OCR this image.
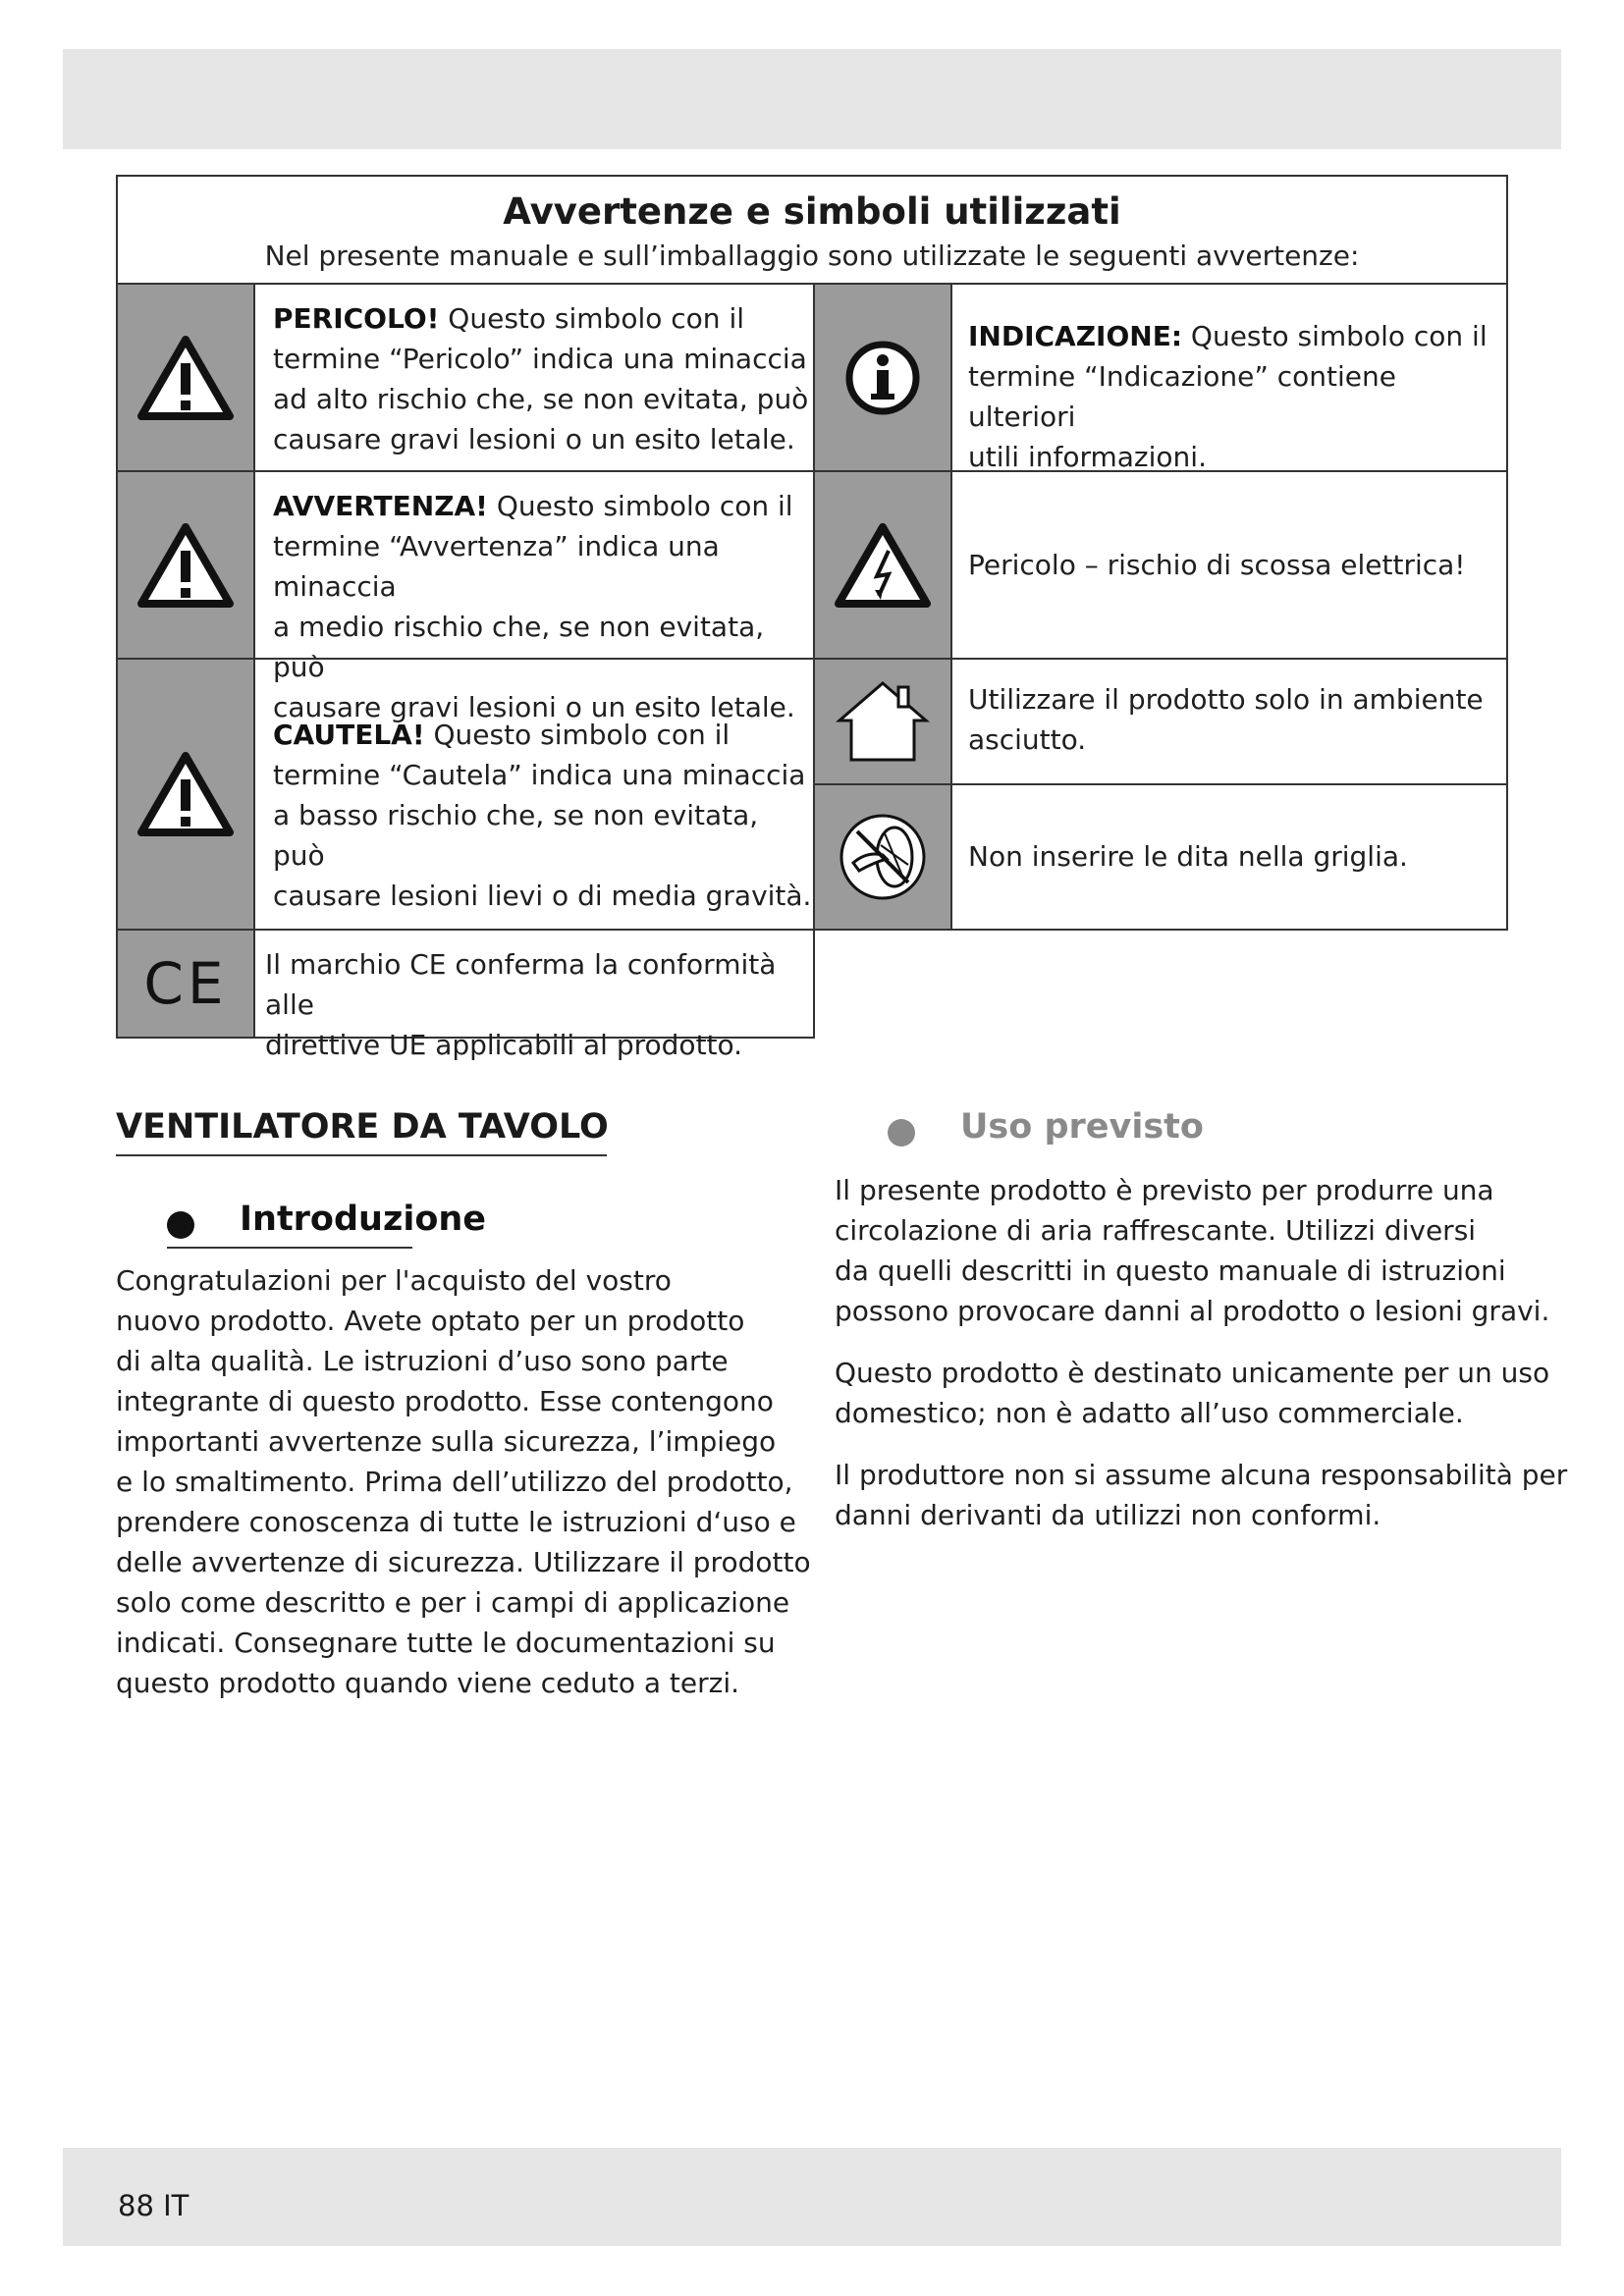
Avvertenze e simboli utilizzati
Nel presente manuale e sull’imballaggio sono utilizzate le seguenti avvertenze:
PERICOLO! Questo simbolo con il
termine “Pericolo” indica una minaccia
ad alto rischio che, se non evitata, può
causare gravi lesioni o un esito letale.
AVVERTENZA! Questo simbolo con il
termine “Avvertenza” indica una minaccia
a medio rischio che, se non evitata, può
causare gravi lesioni o un esito letale.
CAUTELA! Questo simbolo con il
termine “Cautela” indica una minaccia
a basso rischio che, se non evitata, può
causare lesioni lievi o di media gravità.
CE Il marchio CE conferma la conformità alle
direttive UE applicabili al prodotto.
INDICAZIONE: Questo simbolo con il
termine “Indicazione” contiene ulteriori
utili informazioni.
Pericolo – rischio di scossa elettrica!
Utilizzare il prodotto solo in ambiente
asciutto.
Non inserire le dita nella griglia.
VENTILATORE DA TAVOLO
Introduzione
Congratulazioni per l'acquisto del vostro
nuovo prodotto. Avete optato per un prodotto
di alta qualità. Le istruzioni d’uso sono parte
integrante di questo prodotto. Esse contengono
importanti avvertenze sulla sicurezza, l’impiego
e lo smaltimento. Prima dell’utilizzo del prodotto,
prendere conoscenza di tutte le istruzioni d‘uso e
delle avvertenze di sicurezza. Utilizzare il prodotto
solo come descritto e per i campi di applicazione
indicati. Consegnare tutte le documentazioni su
questo prodotto quando viene ceduto a terzi.
Uso previsto
Il presente prodotto è previsto per produrre una
circolazione di aria raffrescante. Utilizzi diversi
da quelli descritti in questo manuale di istruzioni
possono provocare danni al prodotto o lesioni gravi.
Questo prodotto è destinato unicamente per un uso
domestico; non è adatto all’uso commerciale.
Il produttore non si assume alcuna responsabilità per
danni derivanti da utilizzi non conformi.
88 IT
